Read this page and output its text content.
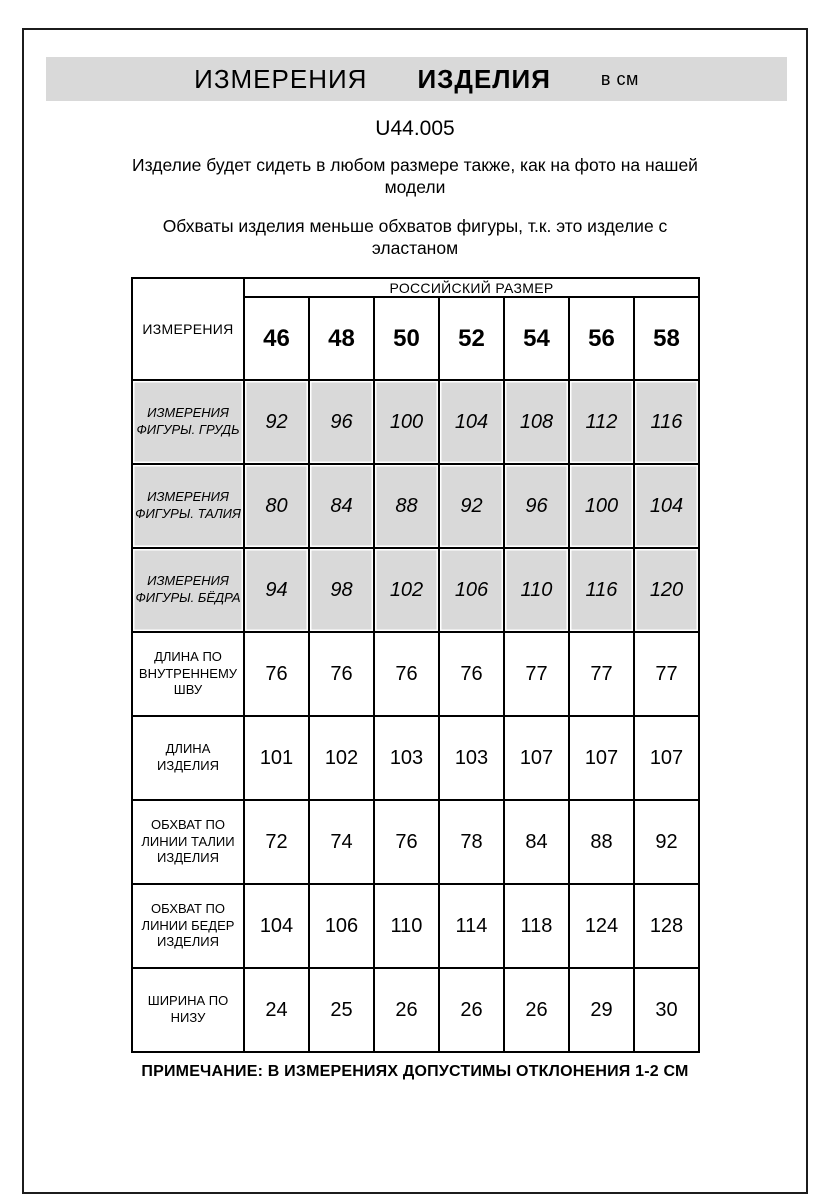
ИЗМЕРЕНИЯ ИЗДЕЛИЯ	в см
U44.005
Изделие будет сидеть в любом размере также, как на фото на нашей модели
Обхваты изделия меньше обхватов фигуры, т.к. это изделие с эластаном
ИЗМЕРЕНИЯ	РОССИЙСКИЙ РАЗМЕР						
	46	48	50	52	54	56	58
ИЗМЕРЕНИЯ ФИГУРЫ. ГРУДЬ	92	96	100	104	108	112	116
ИЗМЕРЕНИЯ ФИГУРЫ. ТАЛИЯ	80	84	88	92	96	100	104
ИЗМЕРЕНИЯ ФИГУРЫ. БЁДРА	94	98	102	106	110	116	120
ДЛИНА ПО ВНУТРЕННЕМУ ШВУ	76	76	76	76	77	77	77
ДЛИНА ИЗДЕЛИЯ	101	102	103	103	107	107	107
ОБХВАТ ПО ЛИНИИ ТАЛИИ ИЗДЕЛИЯ	72	74	76	78	84	88	92
ОБХВАТ ПО ЛИНИИ БЕДЕР ИЗДЕЛИЯ	104	106	110	114	118	124	128
ШИРИНА ПО НИЗУ	24	25	26	26	26	29	30
ПРИМЕЧАНИЕ: В ИЗМЕРЕНИЯХ ДОПУСТИМЫ ОТКЛОНЕНИЯ 1-2 СМ
